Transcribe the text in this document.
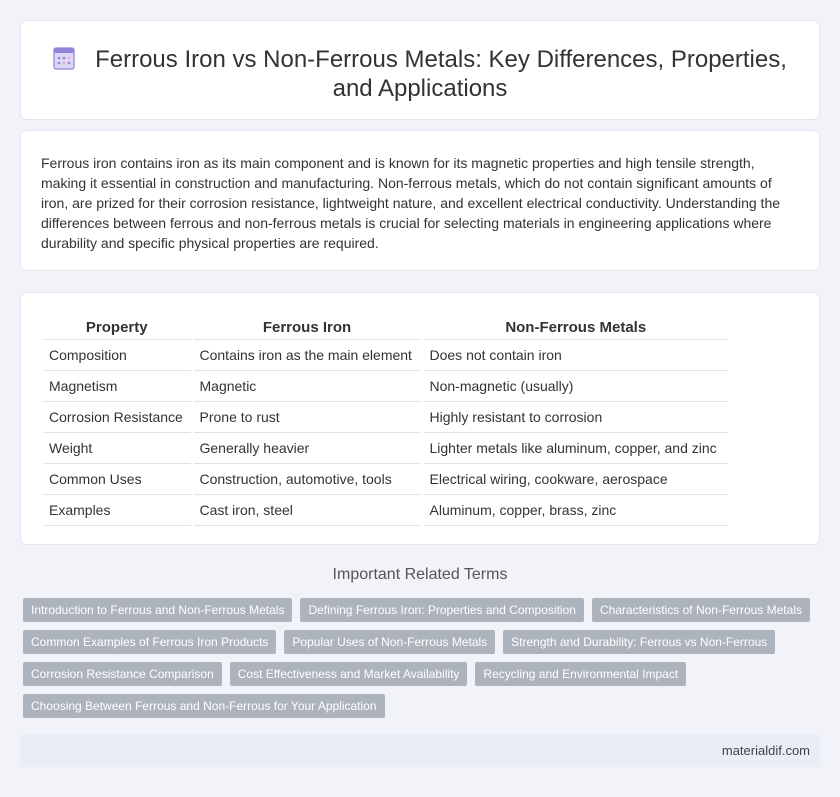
Ferrous Iron vs Non-Ferrous Metals: Key Differences, Properties, and Applications

Ferrous iron contains iron as its main component and is known for its magnetic properties and high tensile strength, making it essential in construction and manufacturing. Non-ferrous metals, which do not contain significant amounts of iron, are prized for their corrosion resistance, lightweight nature, and excellent electrical conductivity. Understanding the differences between ferrous and non-ferrous metals is crucial for selecting materials in engineering applications where durability and specific physical properties are required.

Property	Ferrous Iron	Non-Ferrous Metals
Composition	Contains iron as the main element	Does not contain iron
Magnetism	Magnetic	Non-magnetic (usually)
Corrosion Resistance	Prone to rust	Highly resistant to corrosion
Weight	Generally heavier	Lighter metals like aluminum, copper, and zinc
Common Uses	Construction, automotive, tools	Electrical wiring, cookware, aerospace
Examples	Cast iron, steel	Aluminum, copper, brass, zinc
Important Related Terms
Introduction to Ferrous and Non-Ferrous Metals	Defining Ferrous Iron: Properties and Composition	Characteristics of Non-Ferrous Metals
Common Examples of Ferrous Iron Products	Popular Uses of Non-Ferrous Metals	Strength and Durability: Ferrous vs Non-Ferrous
Corrosion Resistance Comparison	Cost Effectiveness and Market Availability	Recycling and Environmental Impact
Choosing Between Ferrous and Non-Ferrous for Your Application
materialdif.com
